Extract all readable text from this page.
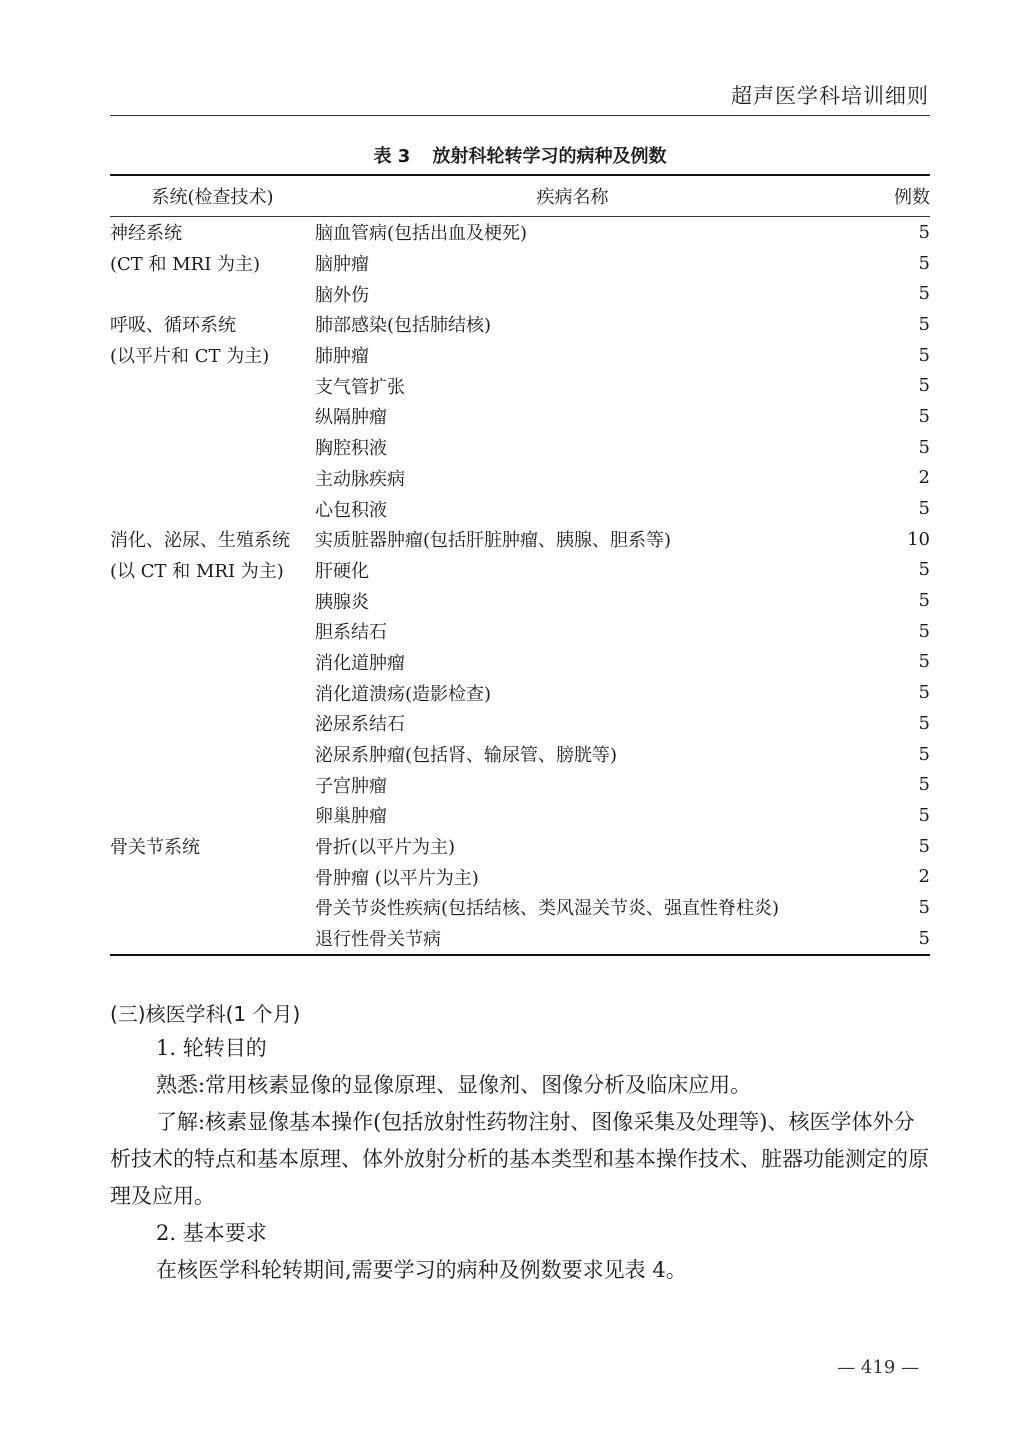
超声医学科培训细则
表 3 放射科轮转学习的病种及例数
系统(检查技术)	疾病名称	例数
神经系统	脑血管病(包括出血及梗死)	5
(CT 和 MRI 为主)	脑肿瘤	5
	脑外伤	5
呼吸、循环系统	肺部感染(包括肺结核)	5
(以平片和 CT 为主)	肺肿瘤	5
	支气管扩张	5
	纵隔肿瘤	5
	胸腔积液	5
	主动脉疾病	2
	心包积液	5
消化、泌尿、生殖系统	实质脏器肿瘤(包括肝脏肿瘤、胰腺、胆系等)	10
(以 CT 和 MRI 为主)	肝硬化	5
	胰腺炎	5
	胆系结石	5
	消化道肿瘤	5
	消化道溃疡(造影检查)	5
	泌尿系结石	5
	泌尿系肿瘤(包括肾、输尿管、膀胱等)	5
	子宫肿瘤	5
	卵巢肿瘤	5
骨关节系统	骨折(以平片为主)	5
	骨肿瘤 (以平片为主)	2
	骨关节炎性疾病(包括结核、类风湿关节炎、强直性脊柱炎)	5
	退行性骨关节病	5
(三)核医学科(1 个月)

1. 轮转目的

熟悉:常用核素显像的显像原理、显像剂、图像分析及临床应用。

了解:核素显像基本操作(包括放射性药物注射、图像采集及处理等)、核医学体外分析技术的特点和基本原理、体外放射分析的基本类型和基本操作技术、脏器功能测定的原理及应用。

2. 基本要求

在核医学科轮转期间,需要学习的病种及例数要求见表 4。

— 419 —
